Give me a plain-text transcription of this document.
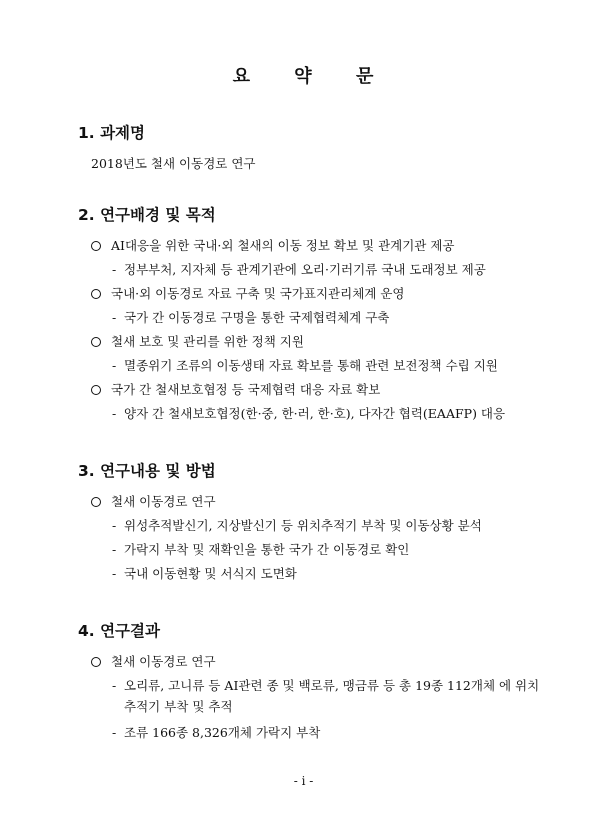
요 약 문
1. 과제명
2018년도 철새 이동경로 연구
2. 연구배경 및 목적
AI대응을 위한 국내·외 철새의 이동 정보 확보 및 관계기관 제공
- 정부부처, 지자체 등 관계기관에 오리·기러기류 국내 도래정보 제공
국내·외 이동경로 자료 구축 및 국가표지관리체계 운영
- 국가 간 이동경로 구명을 통한 국제협력체계 구축
철새 보호 및 관리를 위한 정책 지원
- 멸종위기 조류의 이동생태 자료 확보를 통해 관련 보전정책 수립 지원
국가 간 철새보호협정 등 국제협력 대응 자료 확보
- 양자 간 철새보호협정(한·중, 한·러, 한·호), 다자간 협력(EAAFP) 대응
3. 연구내용 및 방법
철새 이동경로 연구
- 위성추적발신기, 지상발신기 등 위치추적기 부착 및 이동상황 분석
- 가락지 부착 및 재확인을 통한 국가 간 이동경로 확인
- 국내 이동현황 및 서식지 도면화
4. 연구결과
철새 이동경로 연구
- 오리류, 고니류 등 AI관련 종 및 백로류, 맹금류 등 총 19종 112개체 에 위치추적기 부착 및 추적
- 조류 166종 8,326개체 가락지 부착
- i -
